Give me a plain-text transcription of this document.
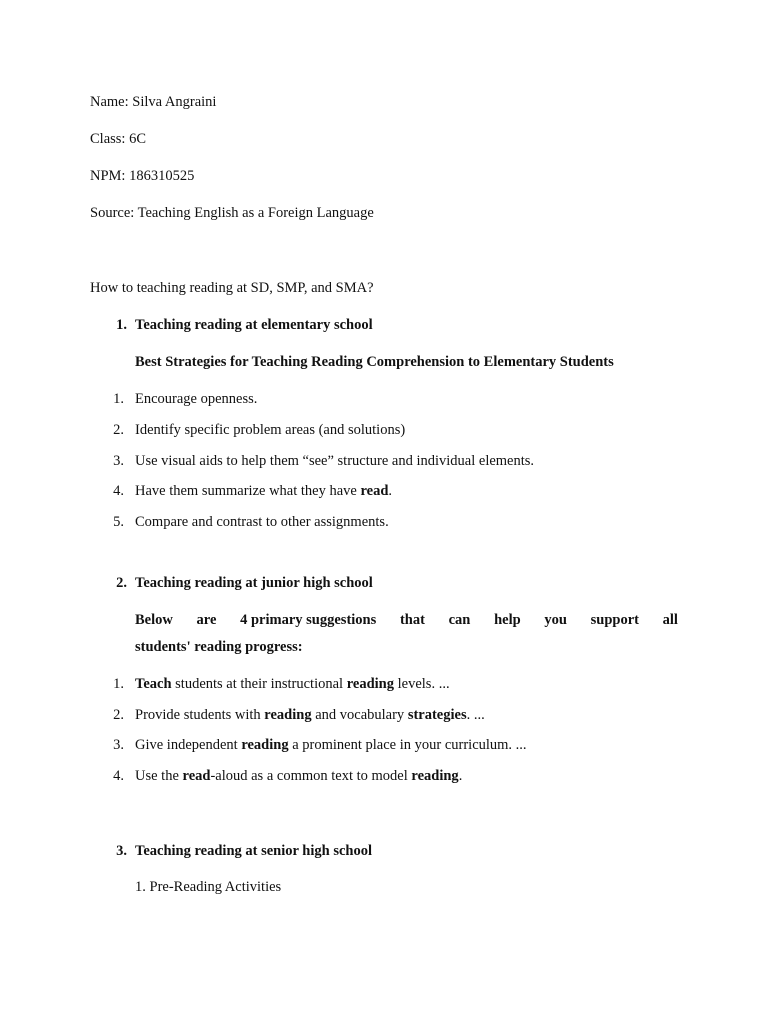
Name: Silva Angraini
Class: 6C
NPM: 186310525
Source: Teaching English as a Foreign Language
How to teaching reading at SD, SMP, and SMA?
1. Teaching reading at elementary school
Best Strategies for Teaching Reading Comprehension to Elementary Students
1. Encourage openness.
2. Identify specific problem areas (and solutions)
3. Use visual aids to help them “see” structure and individual elements.
4. Have them summarize what they have read.
5. Compare and contrast to other assignments.
2. Teaching reading at junior high school
Below are 4 primary suggestions that can help you support all
students' reading progress:
1. Teach students at their instructional reading levels. ...
2. Provide students with reading and vocabulary strategies. ...
3. Give independent reading a prominent place in your curriculum. ...
4. Use the read-aloud as a common text to model reading.
3. Teaching reading at senior high school
1. Pre-Reading Activities
